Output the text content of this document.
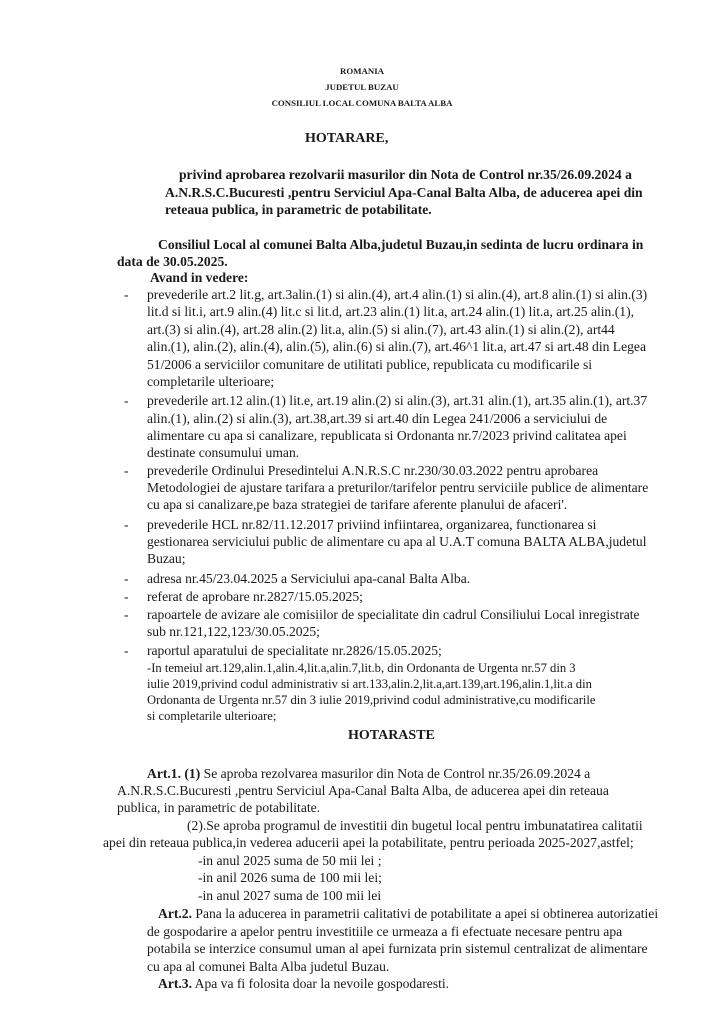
ROMANIA
JUDETUL BUZAU
CONSILIUL LOCAL COMUNA BALTA ALBA
HOTARARE,
privind aprobarea rezolvarii masurilor din Nota de Control nr.35/26.09.2024 a
A.N.R.S.C.Bucuresti ,pentru Serviciul Apa-Canal Balta Alba, de aducerea apei din
reteaua publica, in parametric de potabilitate.
Consiliul Local al comunei Balta Alba,judetul Buzau,in sedinta de lucru ordinara in
data de 30.05.2025.
Avand in vedere:
- prevederile art.2 lit.g, art.3alin.(1) si alin.(4), art.4 alin.(1) si alin.(4), art.8 alin.(1) si alin.(3)
lit.d si lit.i, art.9 alin.(4) lit.c si lit.d, art.23 alin.(1) lit.a, art.24 alin.(1) lit.a, art.25 alin.(1),
art.(3) si alin.(4), art.28 alin.(2) lit.a, alin.(5) si alin.(7), art.43 alin.(1) si alin.(2), art44
alin.(1), alin.(2), alin.(4), alin.(5), alin.(6) si alin.(7), art.46^1 lit.a, art.47 si art.48 din Legea
51/2006 a serviciilor comunitare de utilitati publice, republicata cu modificarile si
completarile ulterioare;
- prevederile art.12 alin.(1) lit.e, art.19 alin.(2) si alin.(3), art.31 alin.(1), art.35 alin.(1), art.37
alin.(1), alin.(2) si alin.(3), art.38,art.39 si art.40 din Legea 241/2006 a serviciului de
alimentare cu apa si canalizare, republicata si Ordonanta nr.7/2023 privind calitatea apei
destinate consumului uman.
- prevederile Ordinului Presedintelui A.N.R.S.C nr.230/30.03.2022 pentru aprobarea
Metodologiei de ajustare tarifara a preturilor/tarifelor pentru serviciile publice de alimentare
cu apa si canalizare,pe baza strategiei de tarifare aferente planului de afaceri'.
- prevederile HCL nr.82/11.12.2017 priviind infiintarea, organizarea, functionarea si
gestionarea serviciului public de alimentare cu apa al U.A.T comuna BALTA ALBA,judetul
Buzau;
- adresa nr.45/23.04.2025 a Serviciului apa-canal Balta Alba.
- referat de aprobare nr.2827/15.05.2025;
- rapoartele de avizare ale comisiilor de specialitate din cadrul Consiliului Local inregistrate
sub nr.121,122,123/30.05.2025;
- raportul aparatului de specialitate nr.2826/15.05.2025;
-In temeiul art.129,alin.1,alin.4,lit.a,alin.7,lit.b, din Ordonanta de Urgenta nr.57 din 3
iulie 2019,privind codul administrativ si art.133,alin.2,lit.a,art.139,art.196,alin.1,lit.a din
Ordonanta de Urgenta nr.57 din 3 iulie 2019,privind codul administrative,cu modificarile
si completarile ulterioare;
HOTARASTE
Art.1. (1) Se aproba rezolvarea masurilor din Nota de Control nr.35/26.09.2024 a
A.N.R.S.C.Bucuresti ,pentru Serviciul Apa-Canal Balta Alba, de aducerea apei din reteaua
publica, in parametric de potabilitate.
(2).Se aproba programul de investitii din bugetul local pentru imbunatatirea calitatii
apei din reteaua publica,in vederea aducerii apei la potabilitate, pentru perioada 2025-2027,astfel;
-in anul 2025 suma de 50 mii lei ;
-in anil 2026 suma de 100 mii lei;
-in anul 2027 suma de 100 mii lei
Art.2. Pana la aducerea in parametrii calitativi de potabilitate a apei si obtinerea autorizatiei
de gospodarire a apelor pentru investitiile ce urmeaza a fi efectuate necesare pentru apa
potabila se interzice consumul uman al apei furnizata prin sistemul centralizat de alimentare
cu apa al comunei Balta Alba judetul Buzau.
Art.3. Apa va fi folosita doar la nevoile gospodaresti.
